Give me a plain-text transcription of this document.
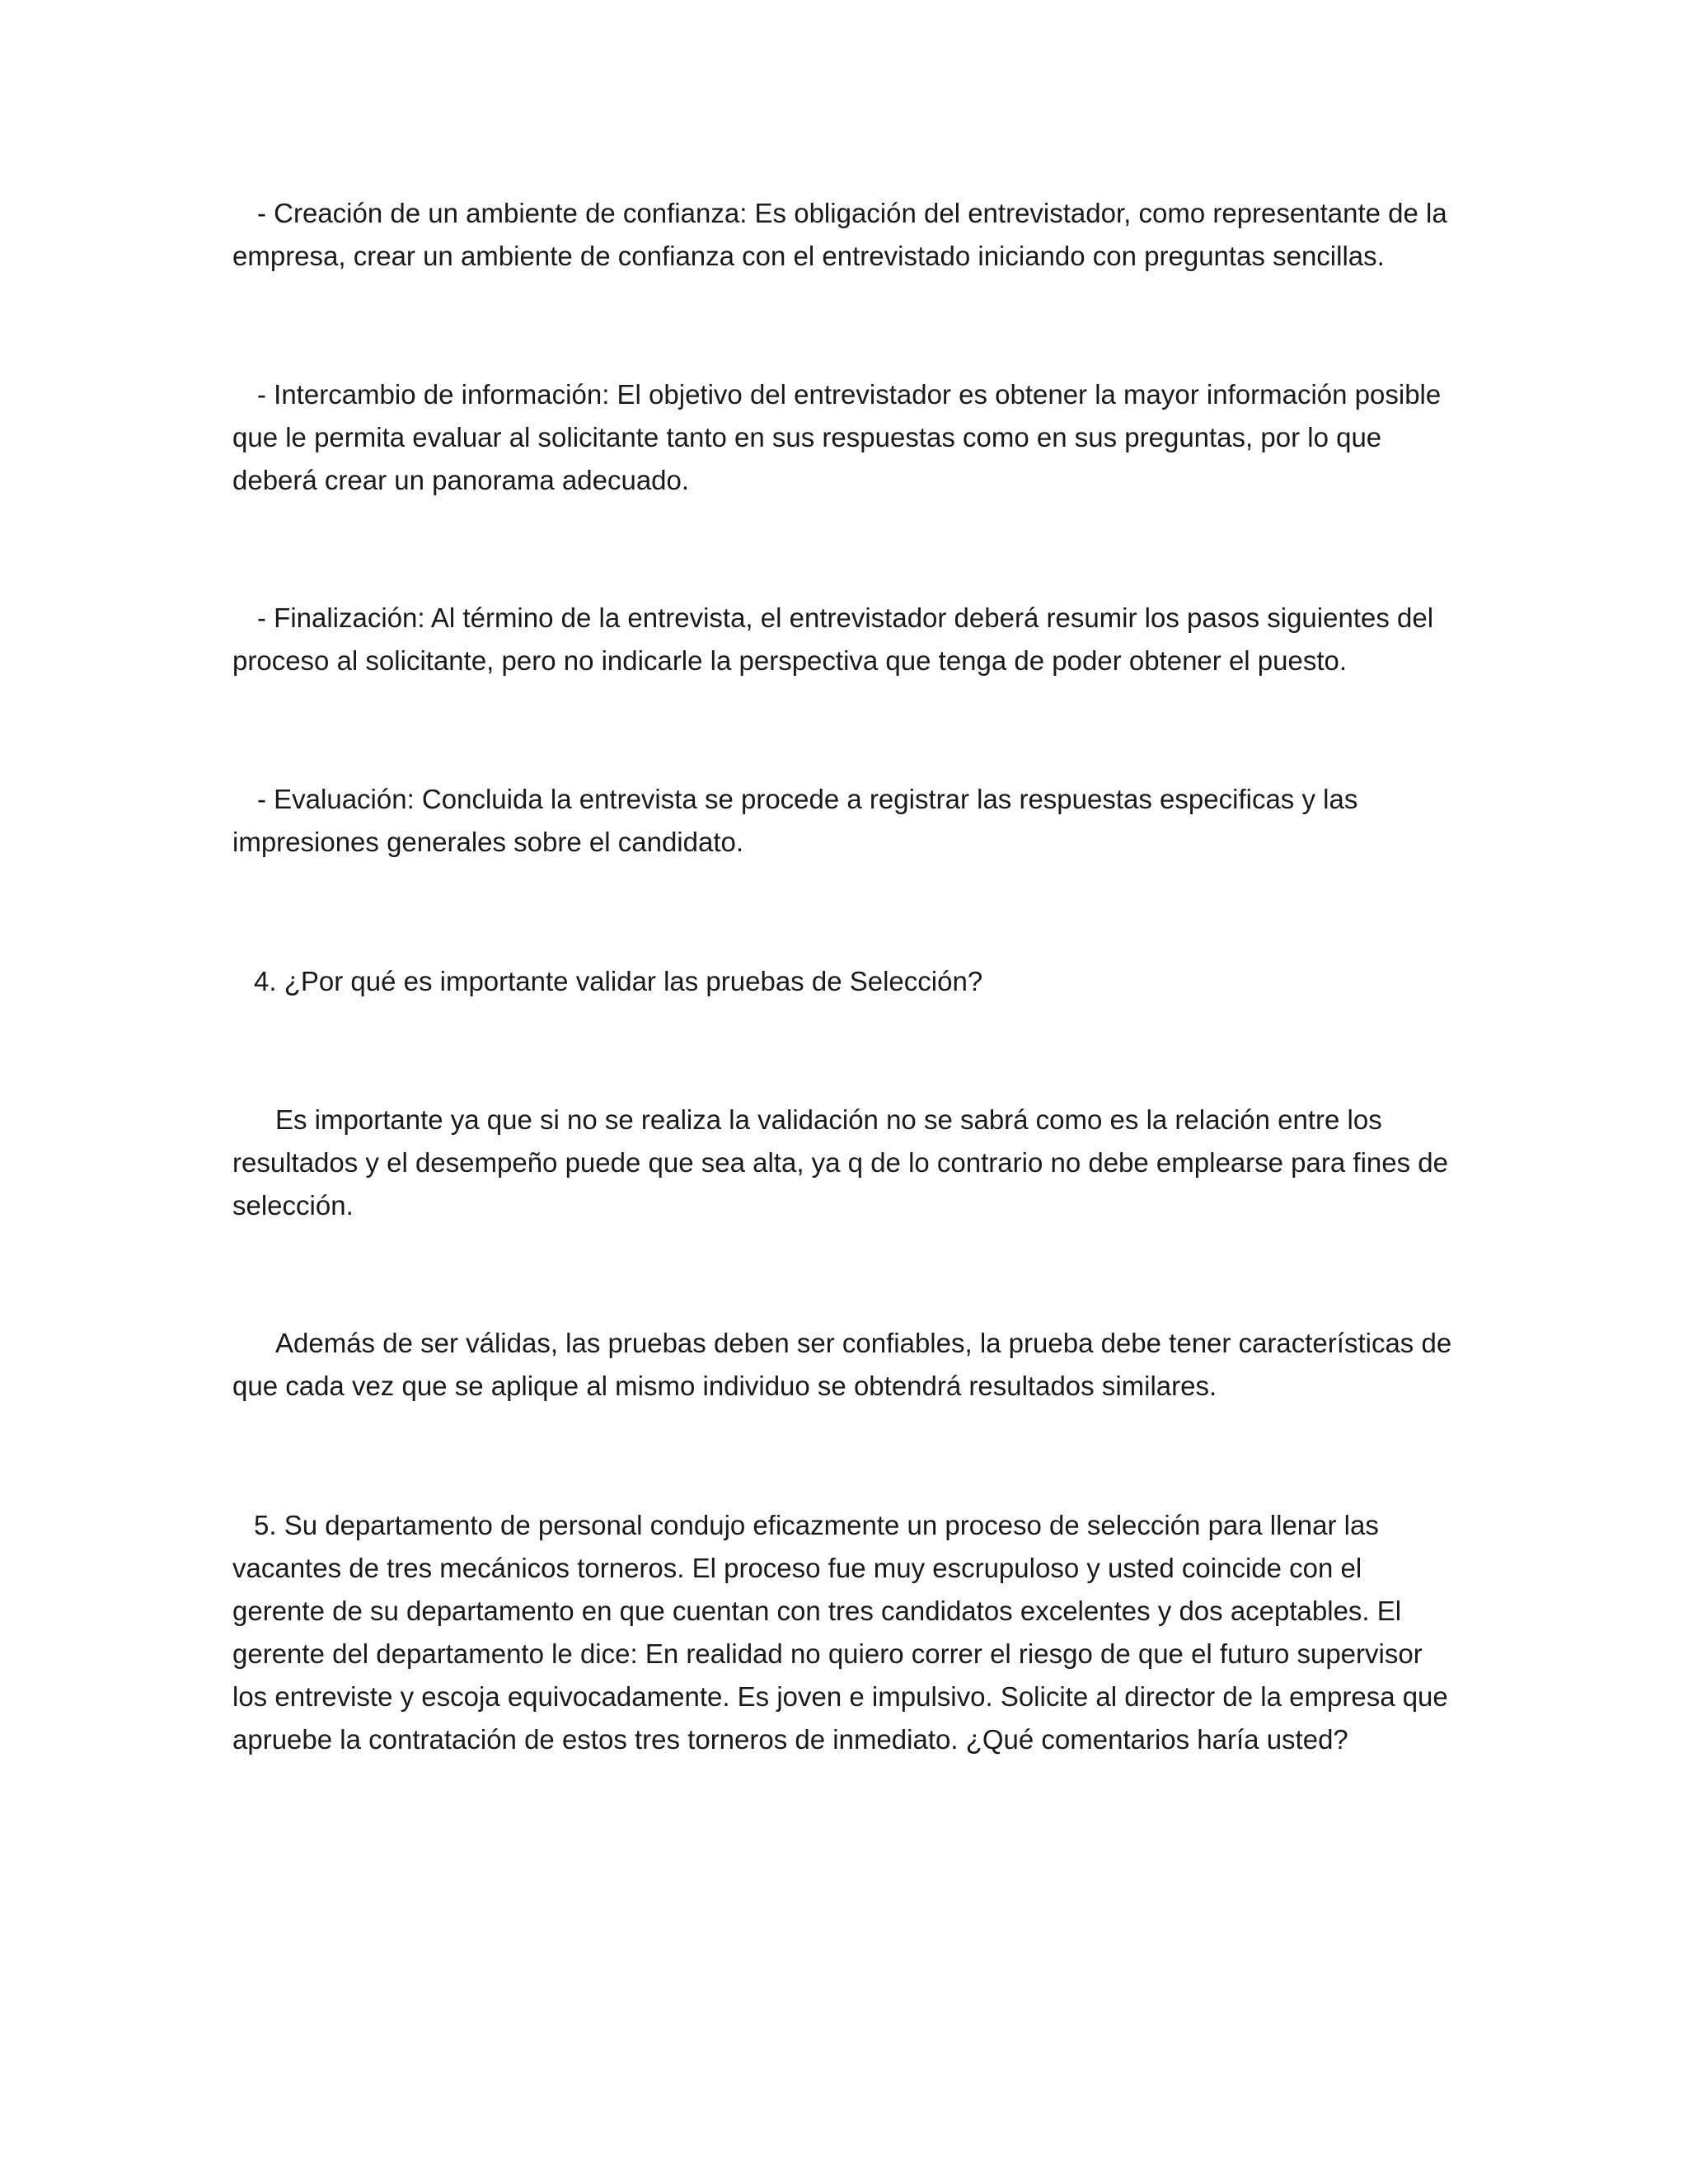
- Creación de un ambiente de confianza: Es obligación del entrevistador, como representante de la empresa, crear un ambiente de confianza con el entrevistado iniciando con preguntas sencillas.

- Intercambio de información: El objetivo del entrevistador es obtener la mayor información posible que le permita evaluar al solicitante tanto en sus respuestas como en sus preguntas, por lo que deberá crear un panorama adecuado.

- Finalización: Al término de la entrevista, el entrevistador deberá resumir los pasos siguientes del proceso al solicitante, pero no indicarle la perspectiva que tenga de poder obtener el puesto.

- Evaluación: Concluida la entrevista se procede a registrar las respuestas especificas y las impresiones generales sobre el candidato.

4. ¿Por qué es importante validar las pruebas de Selección?

Es importante ya que si no se realiza la validación no se sabrá como es la relación entre los resultados y el desempeño puede que sea alta, ya q de lo contrario no debe emplearse para fines de selección.

Además de ser válidas, las pruebas deben ser confiables, la prueba debe tener características de que cada vez que se aplique al mismo individuo se obtendrá resultados similares.

5. Su departamento de personal condujo eficazmente un proceso de selección para llenar las vacantes de tres mecánicos torneros. El proceso fue muy escrupuloso y usted coincide con el gerente de su departamento en que cuentan con tres candidatos excelentes y dos aceptables. El gerente del departamento le dice: En realidad no quiero correr el riesgo de que el futuro supervisor los entreviste y escoja equivocadamente. Es joven e impulsivo. Solicite al director de la empresa que apruebe la contratación de estos tres torneros de inmediato. ¿Qué comentarios haría usted?
